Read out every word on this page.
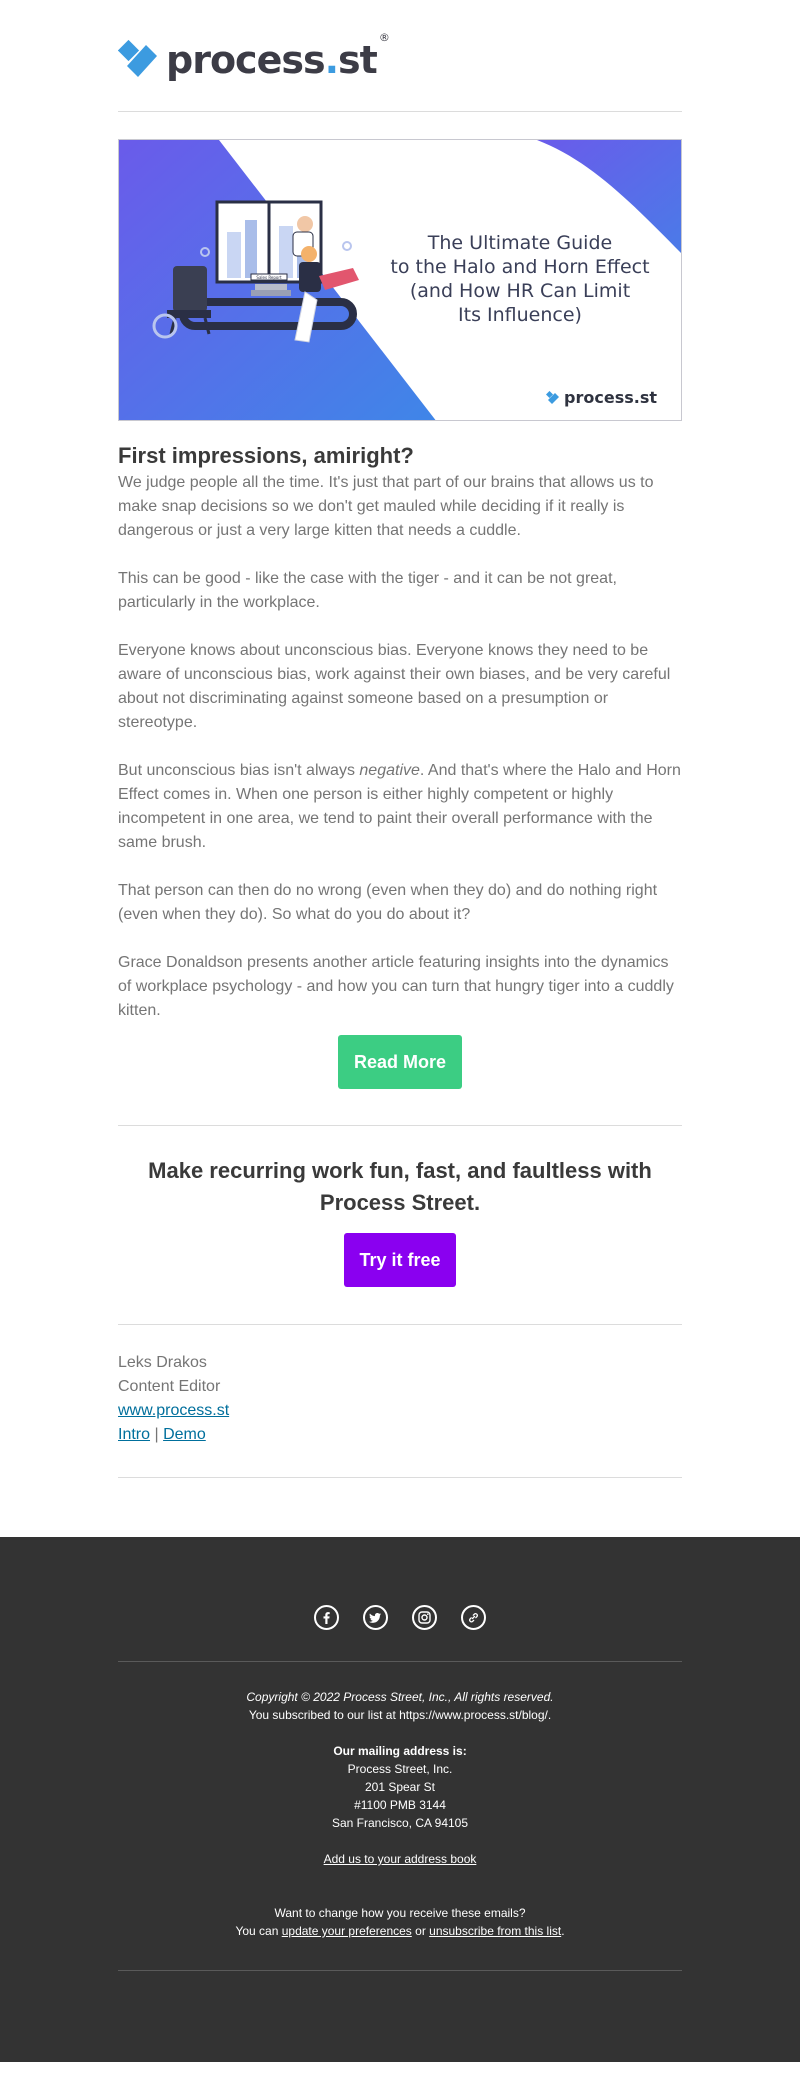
process.st®
Sales Report
The Ultimate Guide
to the Halo and Horn Effect
(and How HR Can Limit
Its Influence)
process.st
First impressions, amiright?

We judge people all the time. It's just that part of our brains that allows us to make snap decisions so we don't get mauled while deciding if it really is dangerous or just a very large kitten that needs a cuddle.

This can be good - like the case with the tiger - and it can be not great, particularly in the workplace.

Everyone knows about unconscious bias. Everyone knows they need to be aware of unconscious bias, work against their own biases, and be very careful about not discriminating against someone based on a presumption or stereotype.

But unconscious bias isn't always negative. And that's where the Halo and Horn Effect comes in. When one person is either highly competent or highly incompetent in one area, we tend to paint their overall performance with the same brush.

That person can then do no wrong (even when they do) and do nothing right (even when they do). So what do you do about it?

Grace Donaldson presents another article featuring insights into the dynamics of workplace psychology - and how you can turn that hungry tiger into a cuddly kitten.

Read More
Make recurring work fun, fast, and faultless with Process Street.
Try it free
Leks Drakos
Content Editor
www.process.st
Intro | Demo
Copyright © 2022 Process Street, Inc., All rights reserved.
You subscribed to our list at https://www.process.st/blog/.
Our mailing address is:
Process Street, Inc.
201 Spear St
#1100 PMB 3144
San Francisco, CA 94105
Add us to your address book
Want to change how you receive these emails?
You can update your preferences or unsubscribe from this list.
